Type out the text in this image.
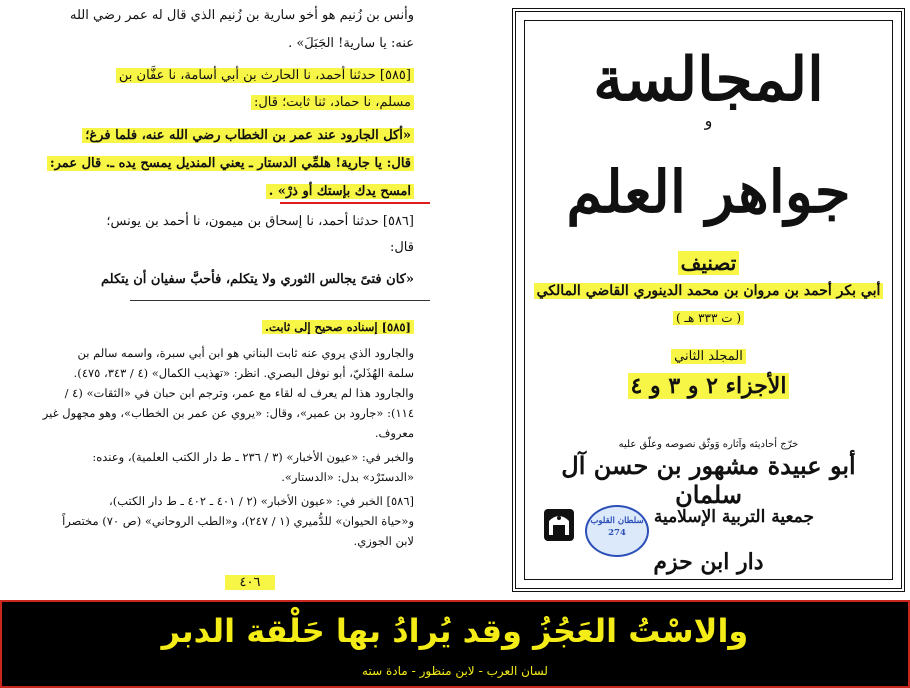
وأنس بن زُنيم هو أخو سارية بن زُنيم الذي قال له عمر رضي الله
عنه: يا سارية! الجَبَلَ» .
[٥٨٥] حدثنا أحمد، نا الحارث بن أبي أسامة، نا عفَّان بن
مسلم، نا حماد، ثنا ثابت؛ قال:
«أكل الجارود عند عمر بن الخطاب رضي الله عنه، فلما فرغ؛
قال: يا جارية! هلمِّي الدستار ـ يعني المنديل يمسح يده ـ. قال عمر:
امسح يدك بإستك أو ذرْ» .
[٥٨٦] حدثنا أحمد، نا إسحاق بن ميمون، نا أحمد بن يونس؛
قال:
«كان فتىً يجالس الثوري ولا يتكلم، فأحبَّ سفيان أن يتكلم
[٥٨٥] إسناده صحيح إلى ثابت.
والجارود الذي يروي عنه ثابت البناني هو ابن أبي سبرة، واسمه سالم بن
سلمة الهُذَليّ، أبو نوفل البصري. انظر: «تهذيب الكمال» (٤ / ٣٤٣، ٤٧٥).
والجارود هذا لم يعرف له لقاء مع عمر، وترجم ابن حبان في «الثقات» (٤ /
١١٤): «جارود بن عمير»، وقال: «يروي عن عمر بن الخطاب»، وهو مجهول غير
معروف.
والخبر في: «عيون الأخبار» (٣ / ٢٣٦ ـ ط دار الكتب العلمية)، وعنده:
«الدستَرْد» بدل: «الدستار».
[٥٨٦] الخبر في: «عيون الأخبار» (٢ / ٤٠١ ـ ٤٠٢ ـ ط دار الكتب)،
و«حياة الحيوان» للدُّميري (١ / ٢٤٧)، و«الطب الروحاني» (ص ٧٠) مختصراً
لابن الجوزي.
٤٠٦
المجالسة
و
جواهر العلم
تصنيف
أبي بكر أحمد بن مروان بن محمد الدينوري القاضي المالكي
( ت ٣٣٣ هـ )
المجلد الثاني
الأجزاء ٢ و ٣ و ٤
خرّج أحاديثه وآثاره وَوثّق نصوصه وعلّق عليه
أبو عبيدة مشهور بن حسن آل سلمان
جمعية التربية الإسلامية
سلطان القلوب
274
دار ابن حزم
والاسْتُ العَجُزُ وقد يُرادُ بها حَلْقة الدبر
لسان العرب - لابن منظور - مادة سته
